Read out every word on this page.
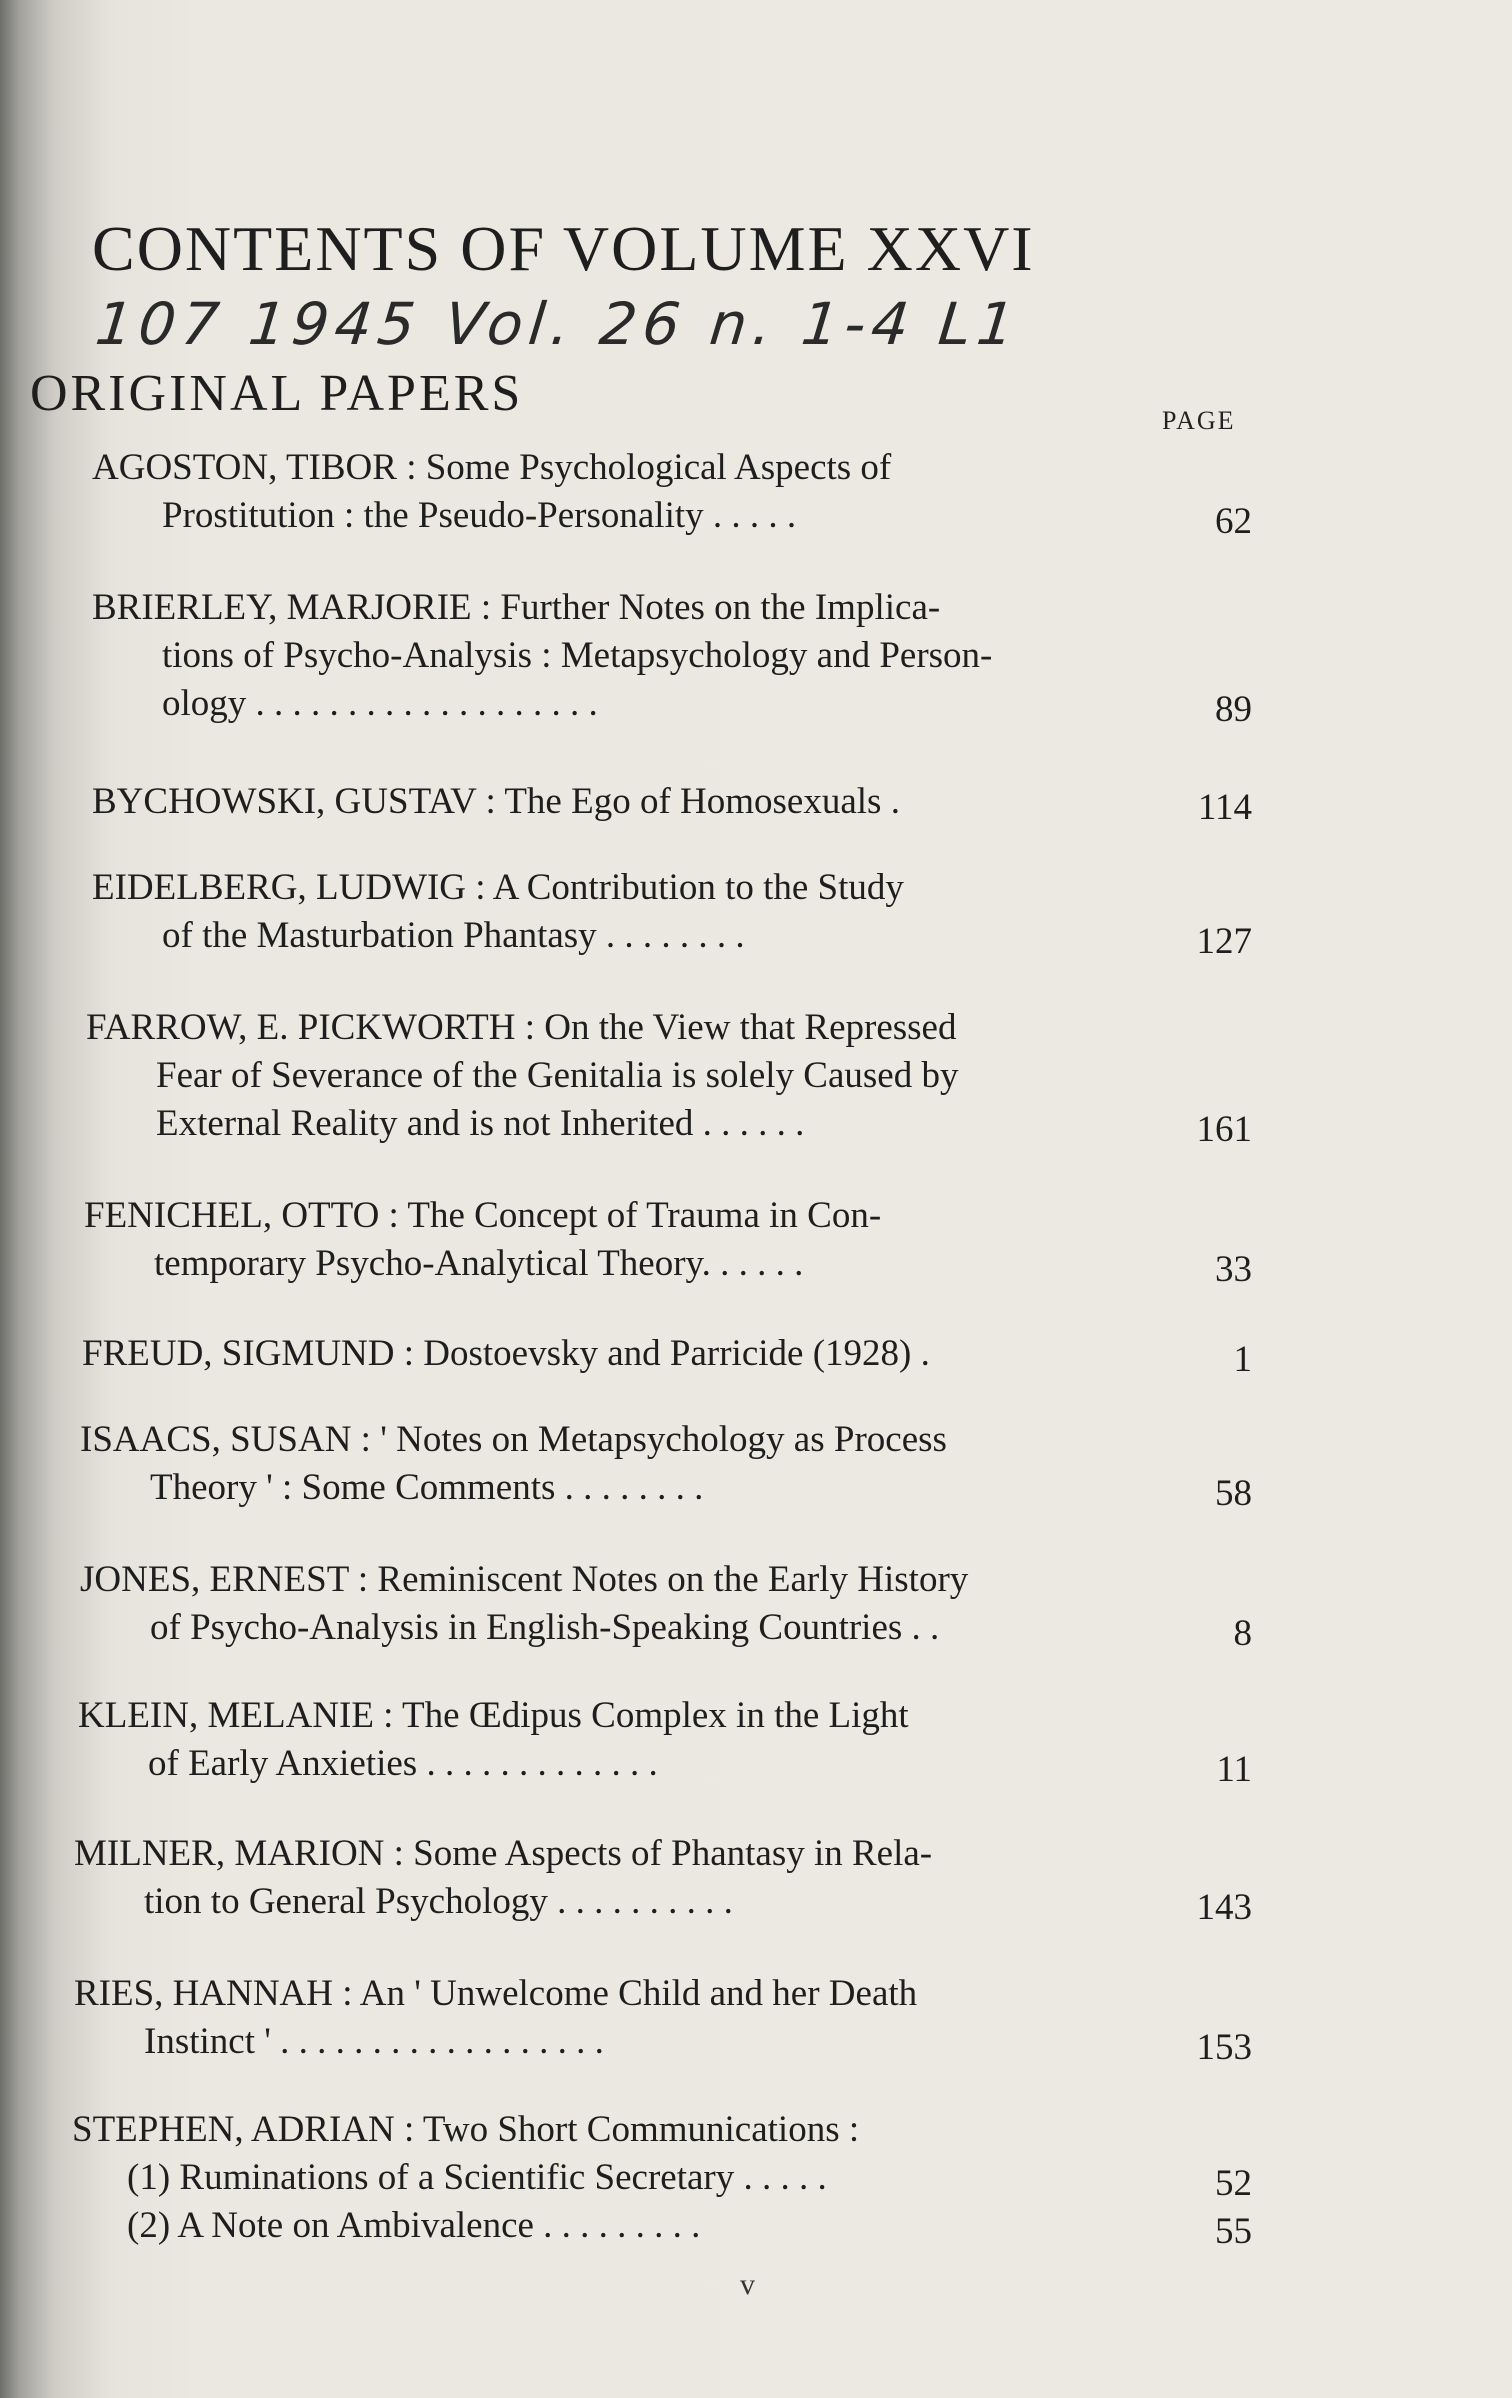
CONTENTS OF VOLUME XXVI
107 1945 Vol. 26 n. 1-4 L1
ORIGINAL PAPERS	PAGE
AGOSTON, TIBOR : Some Psychological Aspects of
Prostitution : the Pseudo-Personality . . . . .	62
BRIERLEY, MARJORIE : Further Notes on the Implica-
tions of Psycho-Analysis : Metapsychology and Person-
ology . . . . . . . . . . . . . . . . . . .	89
BYCHOWSKI, GUSTAV : The Ego of Homosexuals .	114
EIDELBERG, LUDWIG : A Contribution to the Study
of the Masturbation Phantasy . . . . . . . .	127
FARROW, E. PICKWORTH : On the View that Repressed
Fear of Severance of the Genitalia is solely Caused by
External Reality and is not Inherited . . . . . .	161
FENICHEL, OTTO : The Concept of Trauma in Con-
temporary Psycho-Analytical Theory. . . . . .	33
FREUD, SIGMUND : Dostoevsky and Parricide (1928) .	1
ISAACS, SUSAN : ' Notes on Metapsychology as Process
Theory ' : Some Comments . . . . . . . .	58
JONES, ERNEST : Reminiscent Notes on the Early History
of Psycho-Analysis in English-Speaking Countries . .	8
KLEIN, MELANIE : The Œdipus Complex in the Light
of Early Anxieties . . . . . . . . . . . . .	11
MILNER, MARION : Some Aspects of Phantasy in Rela-
tion to General Psychology . . . . . . . . . .	143
RIES, HANNAH : An ' Unwelcome Child and her Death
Instinct ' . . . . . . . . . . . . . . . . . .	153
STEPHEN, ADRIAN : Two Short Communications :
(1) Ruminations of a Scientific Secretary . . . . .	52
(2) A Note on Ambivalence . . . . . . . . .	55
v
